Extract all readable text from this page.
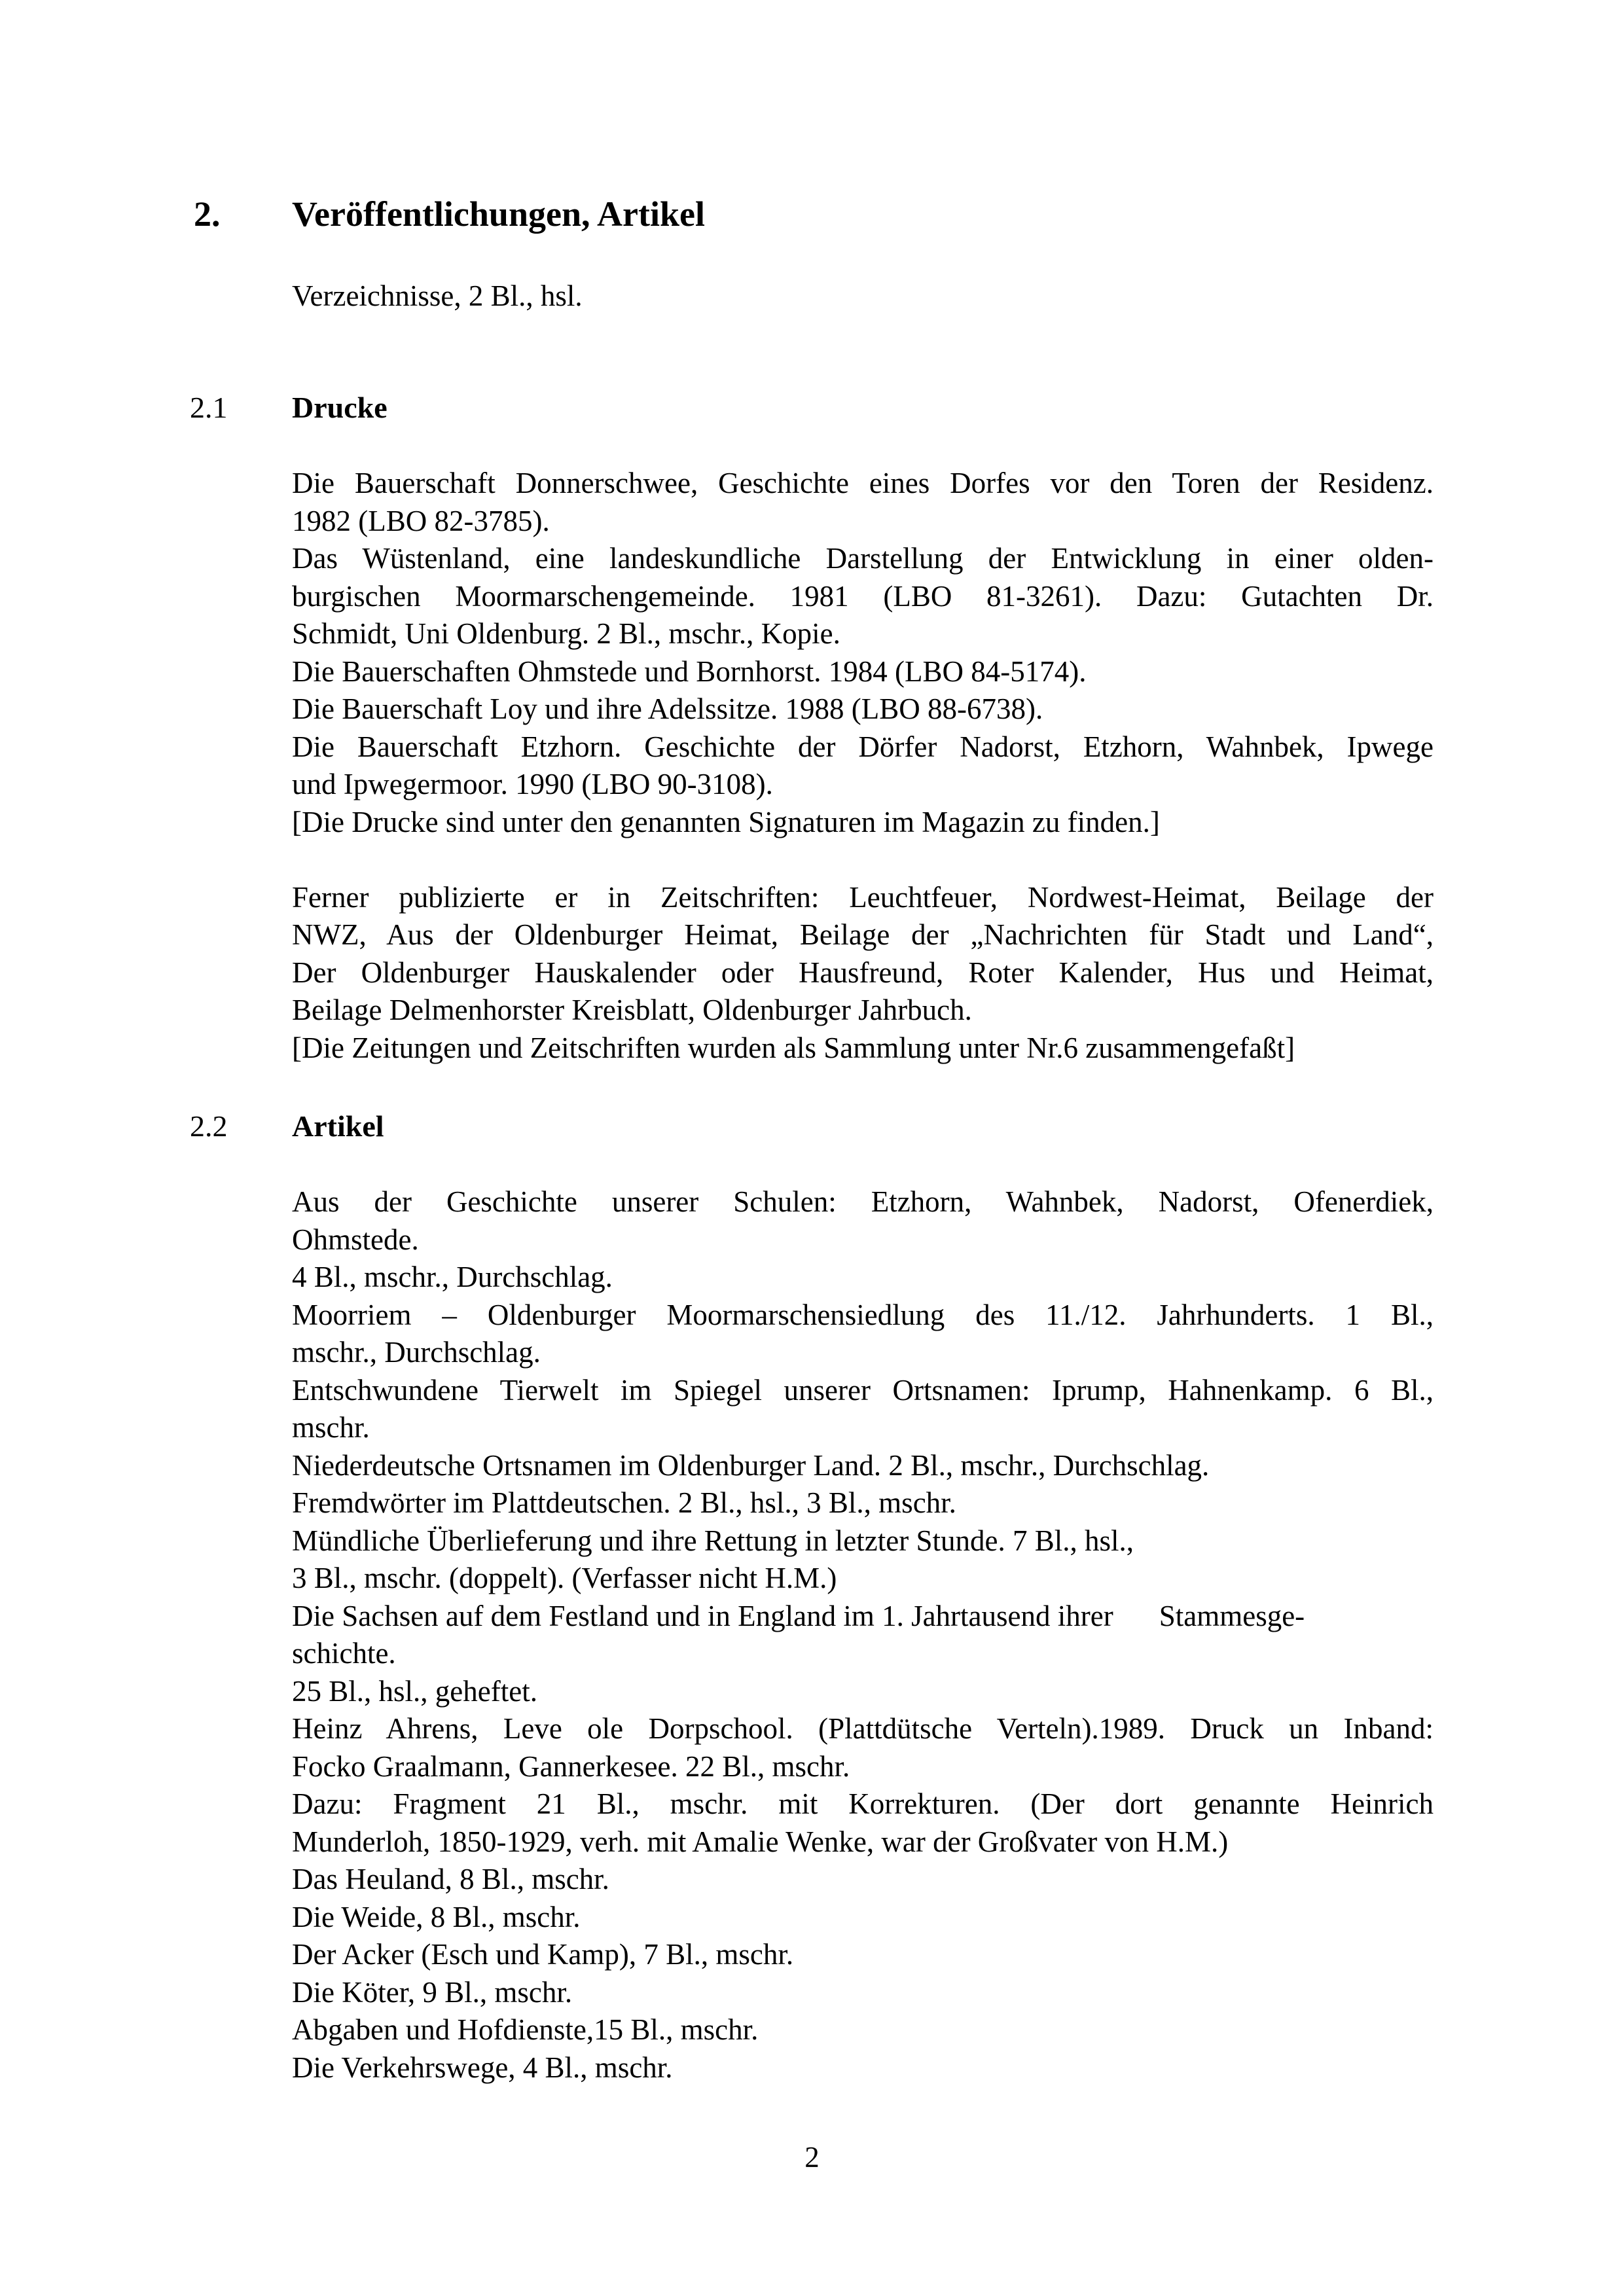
2. Veröffentlichungen, Artikel

Verzeichnisse, 2 Bl., hsl.

2.1 Drucke

Die Bauerschaft Donnerschwee, Geschichte eines Dorfes vor den Toren der Residenz.

1982 (LBO 82-3785).

Das Wüstenland, eine landeskundliche Darstellung der Entwicklung in einer olden-

burgischen Moormarschengemeinde. 1981 (LBO 81-3261). Dazu: Gutachten Dr.

Schmidt, Uni Oldenburg. 2 Bl., mschr., Kopie.

Die Bauerschaften Ohmstede und Bornhorst. 1984 (LBO 84-5174).

Die Bauerschaft Loy und ihre Adelssitze. 1988 (LBO 88-6738).

Die Bauerschaft Etzhorn. Geschichte der Dörfer Nadorst, Etzhorn, Wahnbek, Ipwege

und Ipwegermoor. 1990 (LBO 90-3108).

[Die Drucke sind unter den genannten Signaturen im Magazin zu finden.]

Ferner publizierte er in Zeitschriften: Leuchtfeuer, Nordwest-Heimat, Beilage der

NWZ, Aus der Oldenburger Heimat, Beilage der „Nachrichten für Stadt und Land“,

Der Oldenburger Hauskalender oder Hausfreund, Roter Kalender, Hus und Heimat,

Beilage Delmenhorster Kreisblatt, Oldenburger Jahrbuch.

[Die Zeitungen und Zeitschriften wurden als Sammlung unter Nr.6 zusammengefaßt]

2.2 Artikel

Aus der Geschichte unserer Schulen: Etzhorn, Wahnbek, Nadorst, Ofenerdiek,

Ohmstede.

4 Bl., mschr., Durchschlag.

Moorriem – Oldenburger Moormarschensiedlung des 11./12. Jahrhunderts. 1 Bl.,

mschr., Durchschlag.

Entschwundene Tierwelt im Spiegel unserer Ortsnamen: Iprump, Hahnenkamp. 6 Bl.,

mschr.

Niederdeutsche Ortsnamen im Oldenburger Land. 2 Bl., mschr., Durchschlag.

Fremdwörter im Plattdeutschen. 2 Bl., hsl., 3 Bl., mschr.

Mündliche Überlieferung und ihre Rettung in letzter Stunde. 7 Bl., hsl.,

3 Bl., mschr. (doppelt). (Verfasser nicht H.M.)

Die Sachsen auf dem Festland und in England im 1. Jahrtausend ihrer Stammesge-

schichte.

25 Bl., hsl., geheftet.

Heinz Ahrens, Leve ole Dorpschool. (Plattdütsche Verteln).1989. Druck un Inband:

Focko Graalmann, Gannerkesee. 22 Bl., mschr.

Dazu: Fragment 21 Bl., mschr. mit Korrekturen. (Der dort genannte Heinrich

Munderloh, 1850-1929, verh. mit Amalie Wenke, war der Großvater von H.M.)

Das Heuland, 8 Bl., mschr.

Die Weide, 8 Bl., mschr.

Der Acker (Esch und Kamp), 7 Bl., mschr.

Die Köter, 9 Bl., mschr.

Abgaben und Hofdienste,15 Bl., mschr.

Die Verkehrswege, 4 Bl., mschr.

2
